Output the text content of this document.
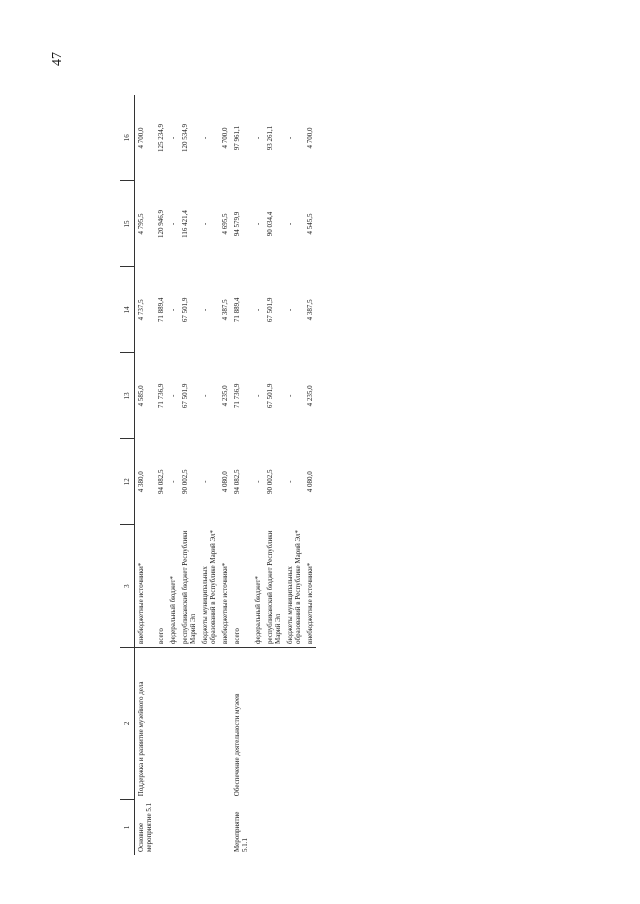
47
1	2	3	12	13	14	15	16
Основное мероприятие 5.1	Поддержка и развитие музейного дела	внебюджетные источники*	4 380,0	4 585,0	4 737,5	4 795,5	4 700,0
		всего	94 082,5	71 736,9	71 889,4	120 946,9	125 234,9
		федеральный бюджет*	-	-	-	-	-
		республиканский бюджет Республики Марий Эл	90 002,5	67 501,9	67 501,9	116 421,4	120 534,9
		бюджеты муниципальных образований в Республике Марий Эл*	-	-	-	-	-
		внебюджетные источники*	4 080,0	4 235,0	4 387,5	4 695,5	4 700,0
Мероприятие 5.1.1	Обеспечение деятельности музеев	всего	94 082,5	71 736,9	71 889,4	94 579,9	97 961,1
		федеральный бюджет*	-	-	-	-	-
		республиканский бюджет Республики Марий Эл	90 002,5	67 501,9	67 501,9	90 034,4	93 261,1
		бюджеты муниципальных образований в Республике Марий Эл*	-	-	-	-	-
		внебюджетные источники*	4 080,0	4 235,0	4 387,5	4 545,5	4 700,0
